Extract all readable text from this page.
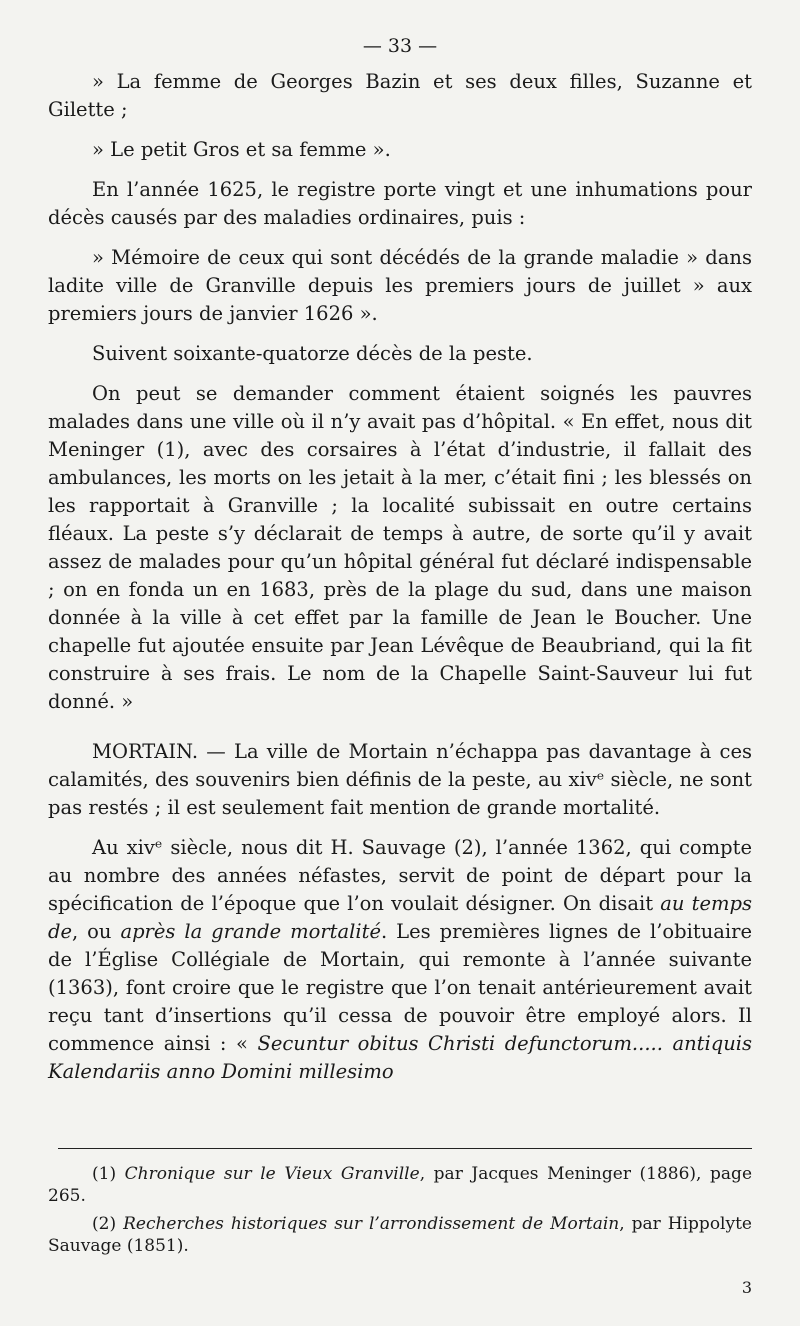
— 33 —

» La femme de Georges Bazin et ses deux filles, Suzanne et Gilette ;

» Le petit Gros et sa femme ».

En l’année 1625, le registre porte vingt et une inhumations pour décès causés par des maladies ordinaires, puis :

» Mémoire de ceux qui sont décédés de la grande maladie » dans ladite ville de Granville depuis les premiers jours de juillet » aux premiers jours de janvier 1626 ».

Suivent soixante-quatorze décès de la peste.

On peut se demander comment étaient soignés les pauvres malades dans une ville où il n’y avait pas d’hôpital. « En effet, nous dit Meninger (1), avec des corsaires à l’état d’industrie, il fallait des ambulances, les morts on les jetait à la mer, c’était fini ; les blessés on les rapportait à Granville ; la localité subissait en outre certains fléaux. La peste s’y déclarait de temps à autre, de sorte qu’il y avait assez de malades pour qu’un hôpital général fut déclaré indispensable ; on en fonda un en 1683, près de la plage du sud, dans une maison donnée à la ville à cet effet par la famille de Jean le Boucher. Une chapelle fut ajoutée ensuite par Jean Lévêque de Beaubriand, qui la fit construire à ses frais. Le nom de la Chapelle Saint-Sauveur lui fut donné. »

MORTAIN. — La ville de Mortain n’échappa pas davantage à ces calamités, des souvenirs bien définis de la peste, au xivᵉ siècle, ne sont pas restés ; il est seulement fait mention de grande mortalité.

Au xivᵉ siècle, nous dit H. Sauvage (2), l’année 1362, qui compte au nombre des années néfastes, servit de point de départ pour la spécification de l’époque que l’on voulait désigner. On disait au temps de, ou après la grande mortalité. Les premières lignes de l’obituaire de l’Église Collégiale de Mortain, qui remonte à l’année suivante (1363), font croire que le registre que l’on tenait antérieurement avait reçu tant d’insertions qu’il cessa de pouvoir être employé alors. Il commence ainsi : « Secuntur obitus Christi defunctorum..... antiquis Kalendariis anno Domini millesimo

(1) Chronique sur le Vieux Granville, par Jacques Meninger (1886), page 265.

(2) Recherches historiques sur l’arrondissement de Mortain, par Hippolyte Sauvage (1851).

3
